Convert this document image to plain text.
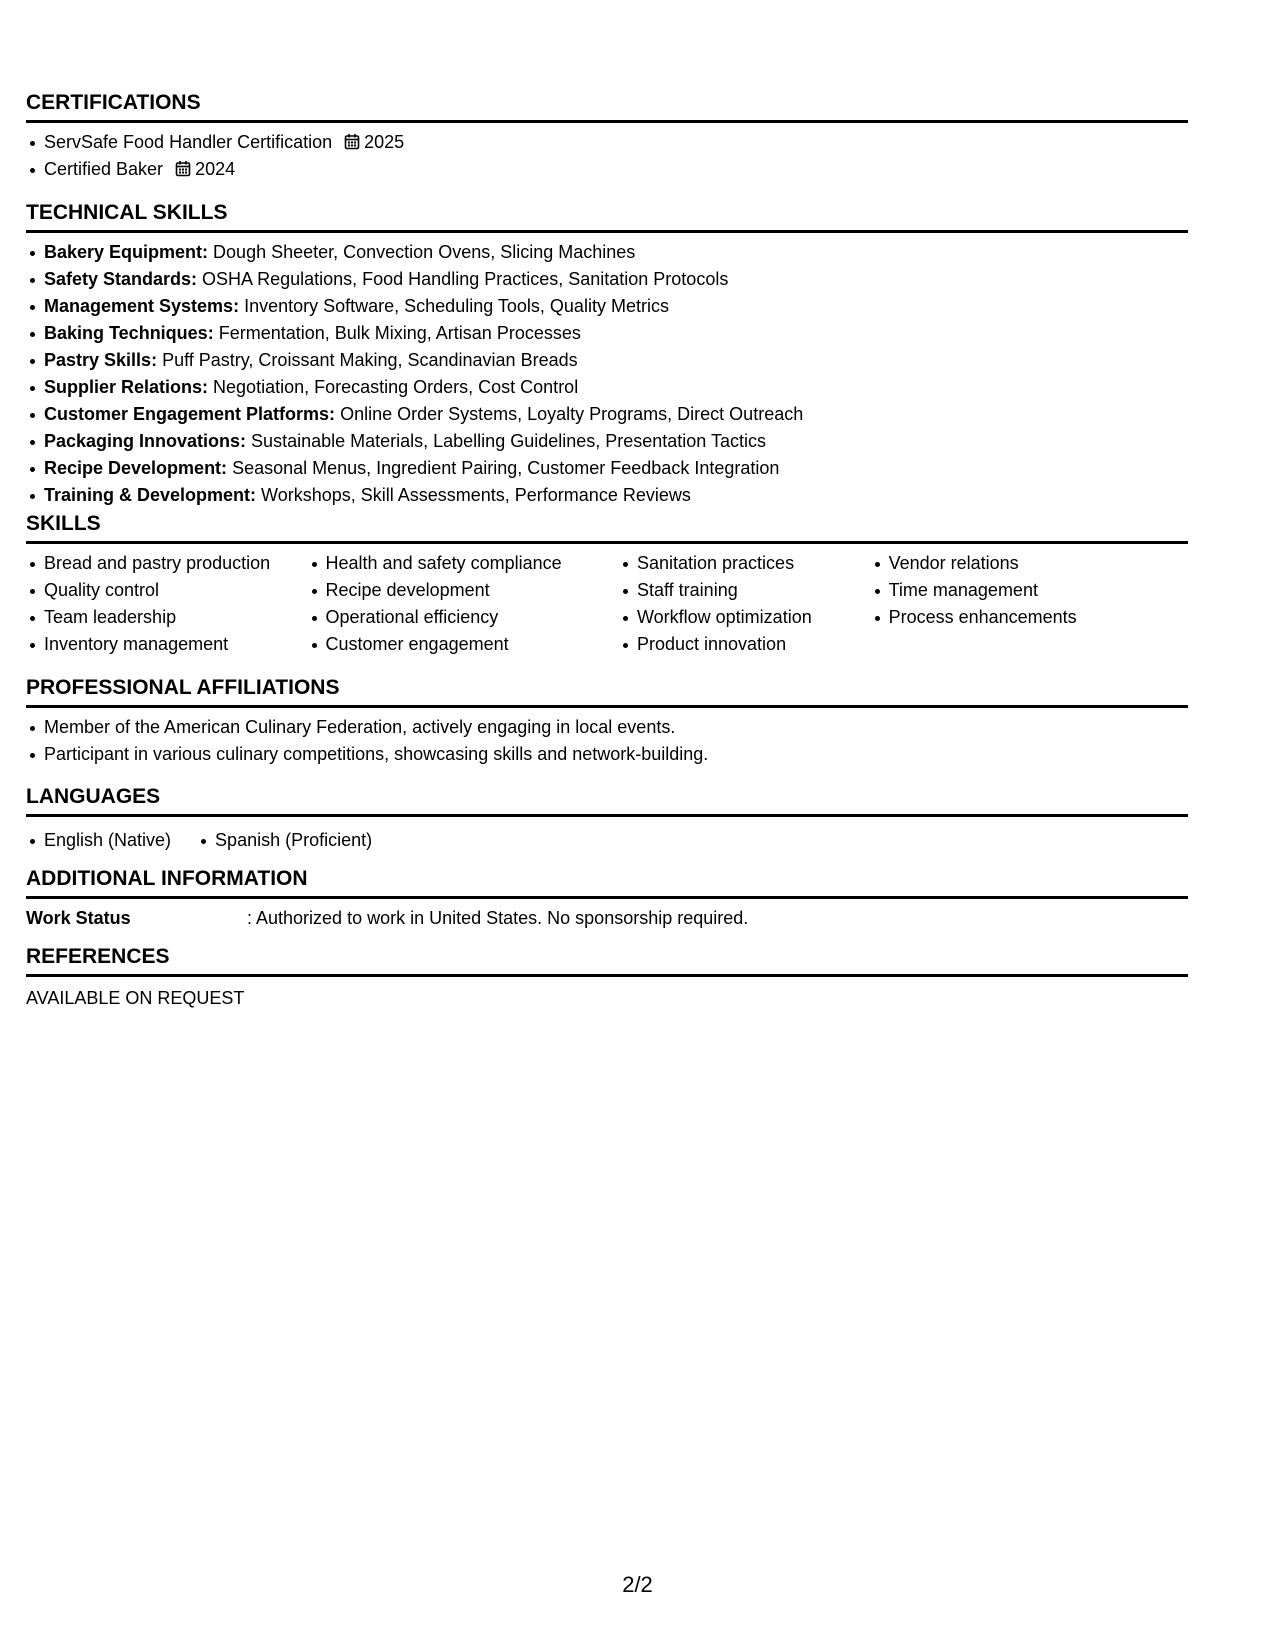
CERTIFICATIONS
ServSafe Food Handler Certification 2025
Certified Baker 2024
TECHNICAL SKILLS
Bakery Equipment: Dough Sheeter, Convection Ovens, Slicing Machines
Safety Standards: OSHA Regulations, Food Handling Practices, Sanitation Protocols
Management Systems: Inventory Software, Scheduling Tools, Quality Metrics
Baking Techniques: Fermentation, Bulk Mixing, Artisan Processes
Pastry Skills: Puff Pastry, Croissant Making, Scandinavian Breads
Supplier Relations: Negotiation, Forecasting Orders, Cost Control
Customer Engagement Platforms: Online Order Systems, Loyalty Programs, Direct Outreach
Packaging Innovations: Sustainable Materials, Labelling Guidelines, Presentation Tactics
Recipe Development: Seasonal Menus, Ingredient Pairing, Customer Feedback Integration
Training & Development: Workshops, Skill Assessments, Performance Reviews
SKILLS
Bread and pastry production
Quality control
Team leadership
Inventory management
Health and safety compliance
Recipe development
Operational efficiency
Customer engagement
Sanitation practices
Staff training
Workflow optimization
Product innovation
Vendor relations
Time management
Process enhancements
PROFESSIONAL AFFILIATIONS
Member of the American Culinary Federation, actively engaging in local events.
Participant in various culinary competitions, showcasing skills and network-building.
LANGUAGES
English (Native) Spanish (Proficient)
ADDITIONAL INFORMATION
Work Status	: Authorized to work in United States. No sponsorship required.
REFERENCES
AVAILABLE ON REQUEST
2/2
